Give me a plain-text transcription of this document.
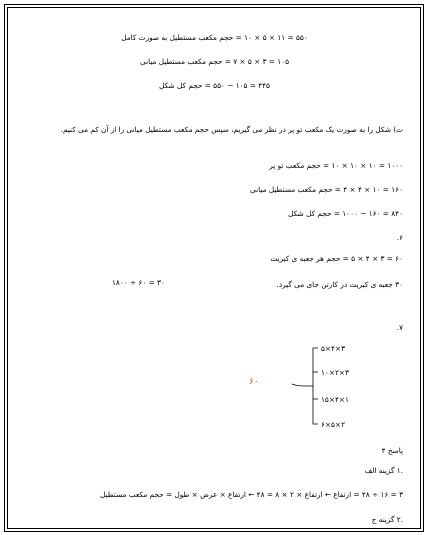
۵۵۰ = ۱۱ × ۵ × ۱۰ = حجم مکعب مستطیل به صورت کامل
۱۰۵ = ۳ × ۵ × ۷ = حجم مکعب مستطیل میانی
۴۴۵ = ۱۰۵ − ۵۵۰ = حجم کل شکل
ت) شکل را به صورت یک مکعب تو پر در نظر می گیریم، سپس حجم مکعب مستطیل میانی را از آن کم می کنیم.
۱۰۰۰ = ۱۰ × ۱۰ × ۱۰ = حجم مکعب تو پر
۱۶۰ = ۱۰ × ۴ × ۴ = حجم مکعب مستطیل میانی
۸۴۰ = ۱۶۰ − ۱۰۰۰ = حجم کل شکل
.۶
۶۰ = ۳ × ۴ × ۵ = حجم هر جعبه ی کبریت
۳۰ جعبه ی کبریت در کارتن جای می گیرد.
۱۸۰۰ ÷ ۶۰ = ۳۰
.۷
۶۰
۵×۴×۳
۱۰×۲×۳
۱۵×۴×۱
۶×۵×۲
پاسخ ۴
.۱ گزینه الف
۳ = ۱۶ ÷ ۴۸ = ارتفاع ← ارتفاع × ۲ × ۸ = ۴۸ ← ارتفاع × عرض × طول = حجم مکعب مستطیل
.۲ گزینه ج
